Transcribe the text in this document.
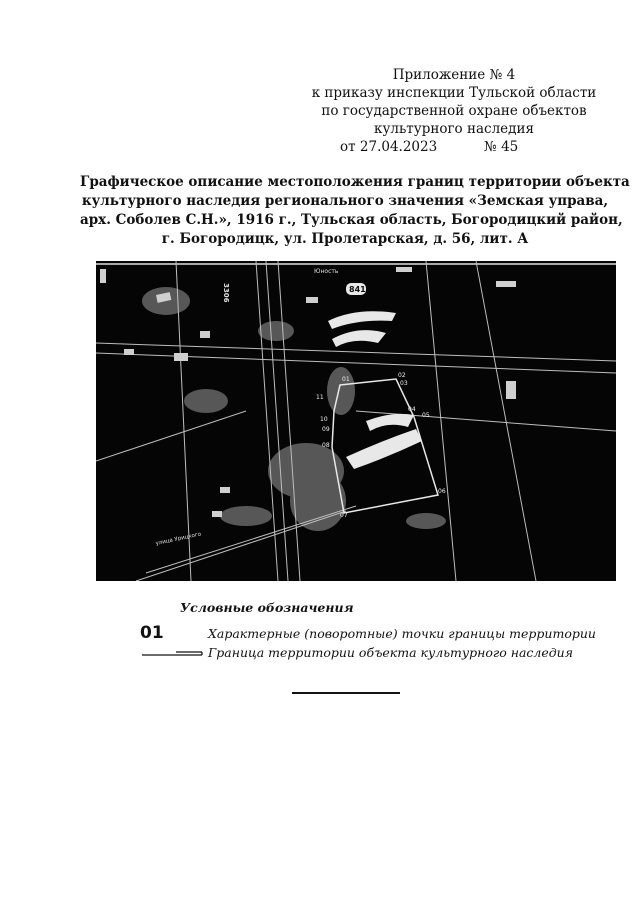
Приложение № 4
к приказу инспекции Тульской области
по государственной охране объектов
культурного наследия
от 27.04.2023	№ 45
Графическое описание местоположения границ территории объекта
культурного наследия регионального значения «Земская управа,
арх. Соболев С.Н.», 1916 г., Тульская область, Богородицкий район,
г. Богородицк, ул. Пролетарская, д. 56, лит. А
02
03
04
05
06
07
08
09
10
11
01
Юность
841
3306
улица Урицкого
Условные обозначения
01	Характерные (поворотные) точки границы территории
Граница территории объекта культурного наследия
